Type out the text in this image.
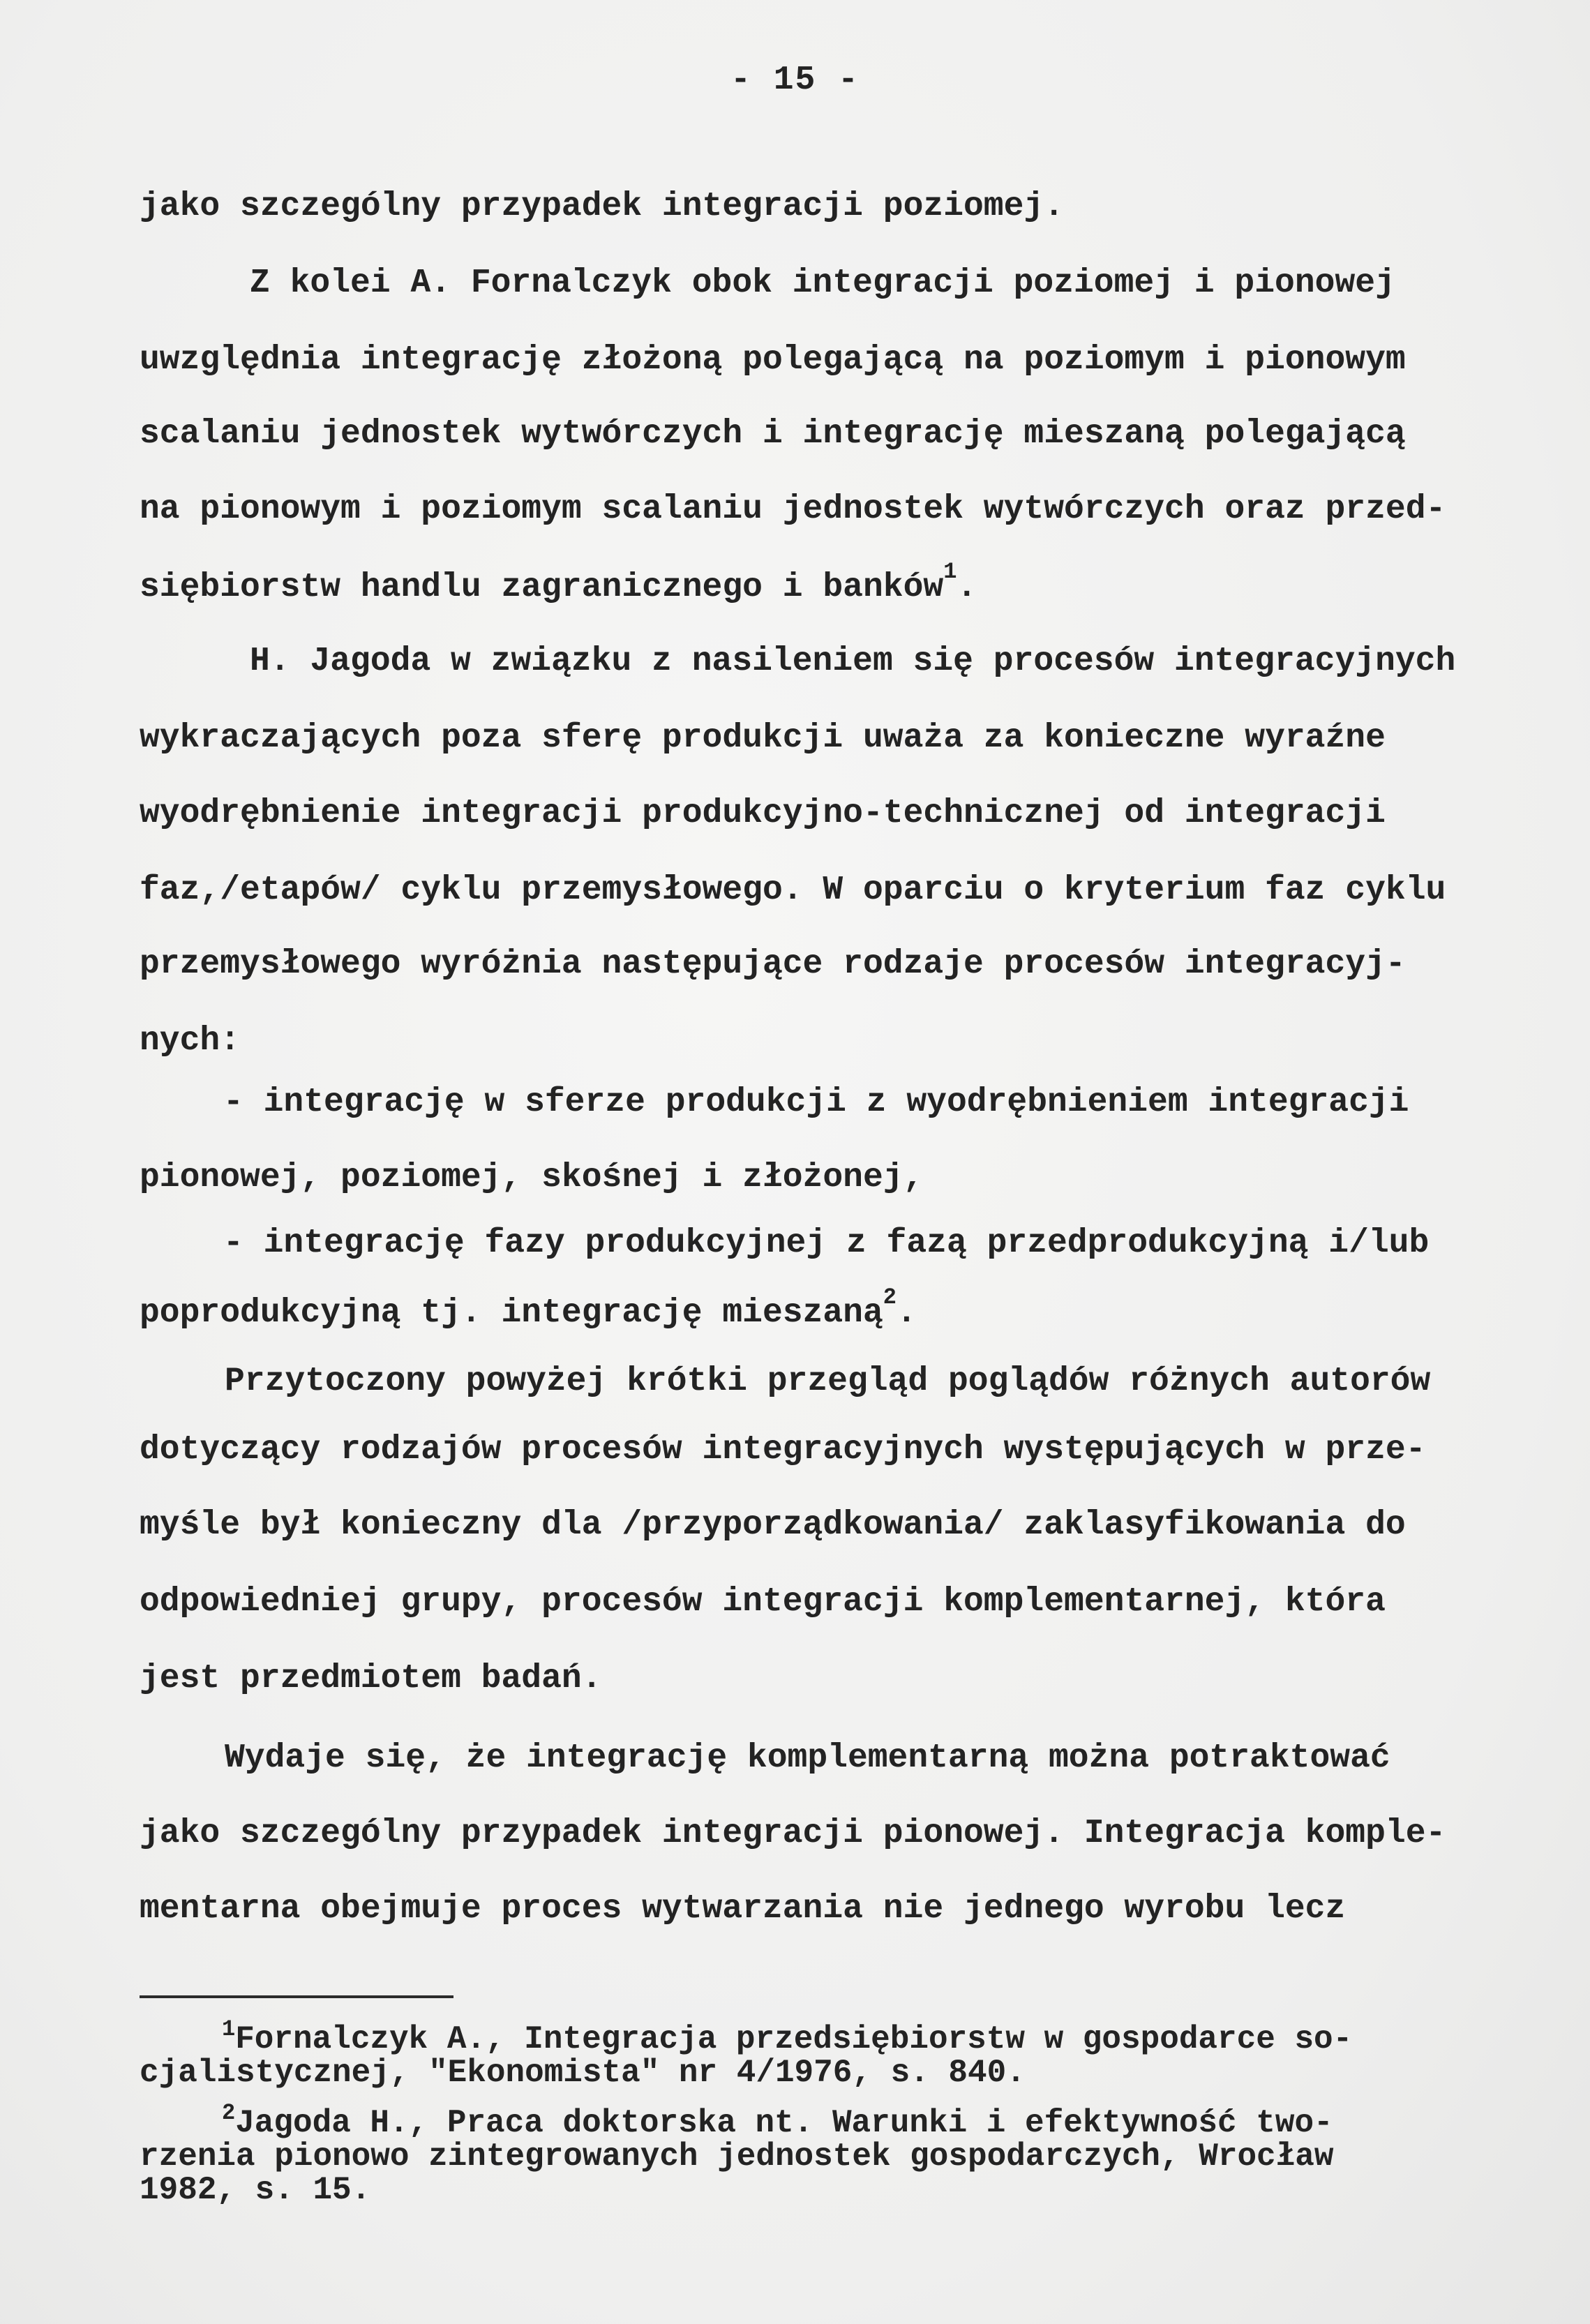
- 15 -
jako szczególny przypadek integracji poziomej.
Z kolei A. Fornalczyk obok integracji poziomej i pionowej
uwzględnia integrację złożoną polegającą na poziomym i pionowym
scalaniu jednostek wytwórczych i integrację mieszaną polegającą
na pionowym i poziomym scalaniu jednostek wytwórczych oraz przed-
siębiorstw handlu zagranicznego i banków$^1$.
H. Jagoda w związku z nasileniem się procesów integracyjnych
wykraczających poza sferę produkcji uważa za konieczne wyraźne
wyodrębnienie integracji produkcyjno-technicznej od integracji
faz,/etapów/ cyklu przemysłowego. W oparciu o kryterium faz cyklu
przemysłowego wyróżnia następujące rodzaje procesów integracyj-
nych:
- integrację w sferze produkcji z wyodrębnieniem integracji
pionowej, poziomej, skośnej i złożonej,
- integrację fazy produkcyjnej z fazą przedprodukcyjną i/lub
poprodukcyjną tj. integrację mieszaną$^2$.
Przytoczony powyżej krótki przegląd poglądów różnych autorów
dotyczący rodzajów procesów integracyjnych występujących w prze-
myśle był konieczny dla /przyporządkowania/ zaklasyfikowania do
odpowiedniej grupy, procesów integracji komplementarnej, która
jest przedmiotem badań.
Wydaje się, że integrację komplementarną można potraktować
jako szczególny przypadek integracji pionowej. Integracja komple-
mentarna obejmuje proces wytwarzania nie jednego wyrobu lecz
$^1$Fornalczyk A., Integracja przedsiębiorstw w gospodarce so-
cjalistycznej, "Ekonomista" nr 4/1976, s. 840.
$^2$Jagoda H., Praca doktorska nt. Warunki i efektywność two-
rzenia pionowo zintegrowanych jednostek gospodarczych, Wrocław
1982, s. 15.
